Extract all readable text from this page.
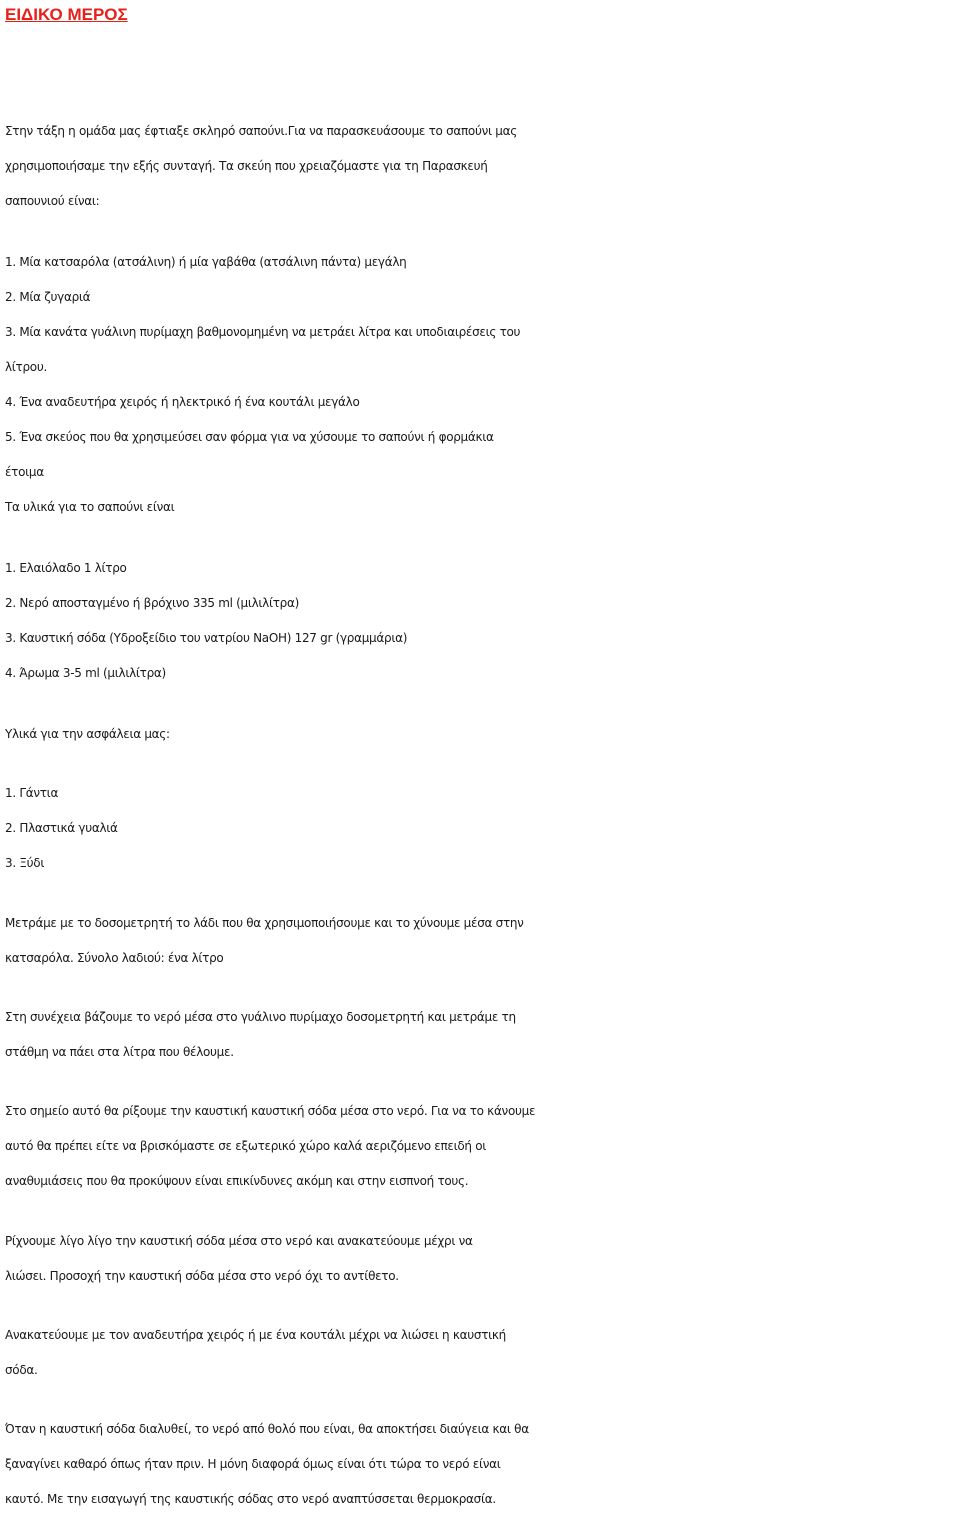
ΕΙΔΙΚΟ ΜΕΡΟΣ
Στην τάξη η ομάδα μας έφτιαξε σκληρό σαπούνι.Για να παρασκευάσουμε το σαπούνι μας
χρησιμοποιήσαμε την εξής συνταγή. Τα σκεύη που χρειαζόμαστε για τη Παρασκευή
σαπουνιού είναι:
1. Μία κατσαρόλα (ατσάλινη) ή μία γαβάθα (ατσάλινη πάντα) μεγάλη
2. Μία ζυγαριά
3. Μία κανάτα γυάλινη πυρίμαχη βαθμονομημένη να μετράει λίτρα και υποδιαιρέσεις του
λίτρου.
4. Ένα αναδευτήρα χειρός ή ηλεκτρικό ή ένα κουτάλι μεγάλο
5. Ένα σκεύος που θα χρησιμεύσει σαν φόρμα για να χύσουμε το σαπούνι ή φορμάκια
έτοιμα
Τα υλικά για το σαπούνι είναι
1. Ελαιόλαδο 1 λίτρο
2. Νερό αποσταγμένο ή βρόχινο 335 ml (μιλιλίτρα)
3. Καυστική σόδα (Υδροξείδιο του νατρίου NaOH) 127 gr (γραμμάρια)
4. Άρωμα 3-5 ml (μιλιλίτρα)
Υλικά για την ασφάλεια μας:
1. Γάντια
2. Πλαστικά γυαλιά
3. Ξύδι
Μετράμε με το δοσομετρητή το λάδι που θα χρησιμοποιήσουμε και το χύνουμε μέσα στην
κατσαρόλα. Σύνολο λαδιού: ένα λίτρο
Στη συνέχεια βάζουμε το νερό μέσα στο γυάλινο πυρίμαχο δοσομετρητή και μετράμε τη
στάθμη να πάει στα λίτρα που θέλουμε.
Στο σημείο αυτό θα ρίξουμε την καυστική καυστική σόδα μέσα στο νερό. Για να το κάνουμε
αυτό θα πρέπει είτε να βρισκόμαστε σε εξωτερικό χώρο καλά αεριζόμενο επειδή οι
αναθυμιάσεις που θα προκύψουν είναι επικίνδυνες ακόμη και στην εισπνοή τους.
Ρίχνουμε λίγο λίγο την καυστική σόδα μέσα στο νερό και ανακατεύουμε μέχρι να
λιώσει. Προσοχή την καυστική σόδα μέσα στο νερό όχι το αντίθετο.
Ανακατεύουμε με τον αναδευτήρα χειρός ή με ένα κουτάλι μέχρι να λιώσει η καυστική
σόδα.
Όταν η καυστική σόδα διαλυθεί, το νερό από θολό που είναι, θα αποκτήσει διαύγεια και θα
ξαναγίνει καθαρό όπως ήταν πριν. Η μόνη διαφορά όμως είναι ότι τώρα το νερό είναι
καυτό. Με την εισαγωγή της καυστικής σόδας στο νερό αναπτύσσεται θερμοκρασία.
